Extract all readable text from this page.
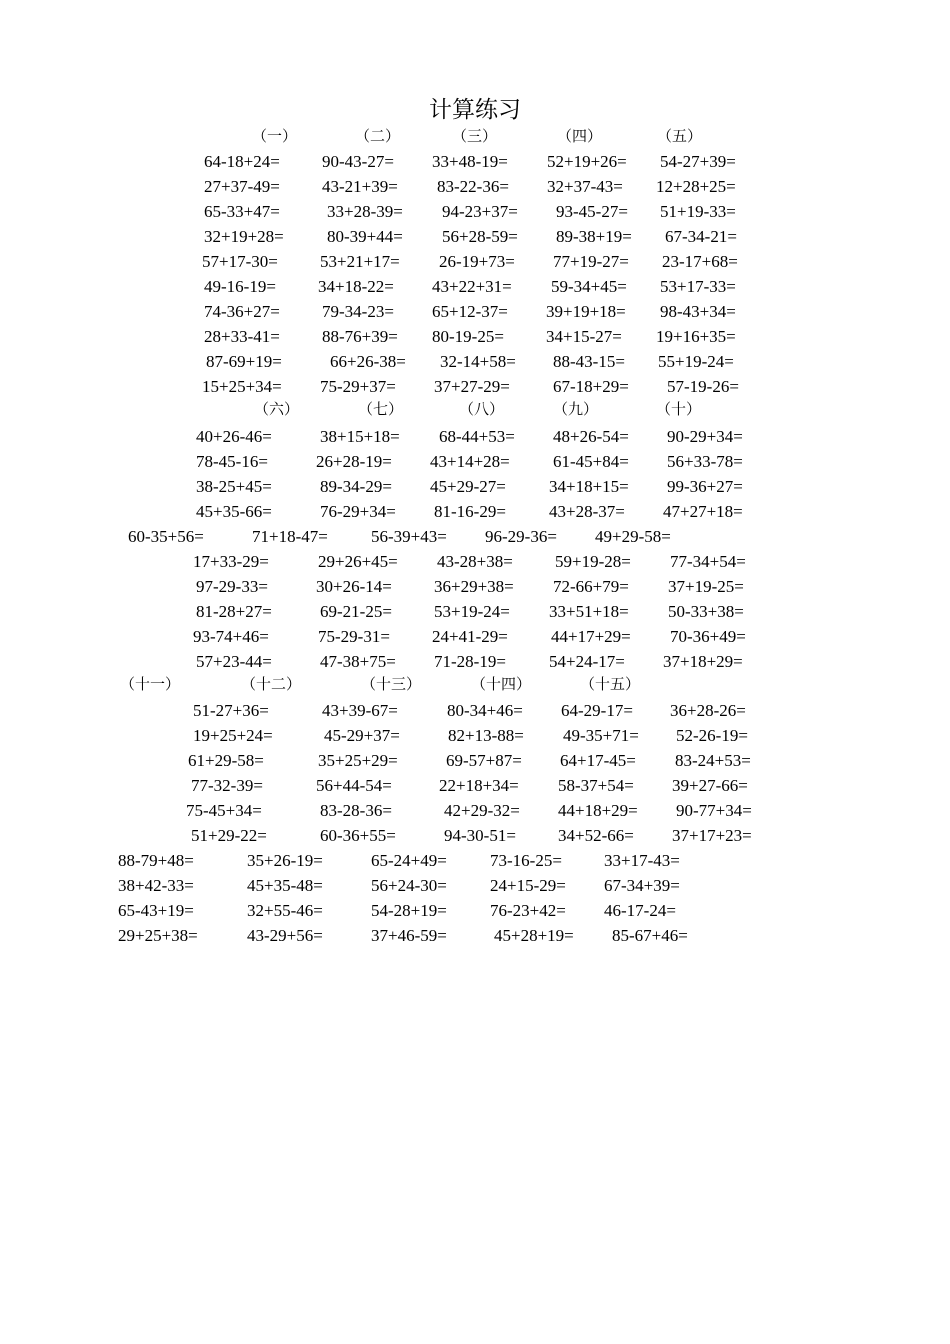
计算练习
（一）	（二）	（三）	（四）	（五）
64-18+24= 90-43-27= 33+48-19= 52+19+26= 54-27+39=
27+37-49= 43-21+39= 83-22-36= 32+37-43= 12+28+25=
65-33+47=	33+28-39= 94-23+37= 93-45-27= 51+19-33=
32+19+28=	80-39+44= 56+28-59= 89-38+19= 67-34-21=
57+17-30= 53+21+17= 26-19+73= 77+19-27= 23-17+68=
49-16-19= 34+18-22= 43+22+31= 59-34+45= 53+17-33=
74-36+27= 79-34-23= 65+12-37= 39+19+18= 98-43+34=
28+33-41= 88-76+39= 80-19-25= 34+15-27= 19+16+35=
87-69+19=	66+26-38= 32-14+58= 88-43-15= 55+19-24=
15+25+34= 75-29+37= 37+27-29=	67-18+29= 57-19-26=
（六）	（七）	（八）	（九）	（十）
40+26-46=	38+15+18= 68-44+53= 48+26-54= 90-29+34=
78-45-16=	26+28-19= 43+14+28=	61-45+84= 56+33-78=
38-25+45=	89-34-29= 45+29-27=	34+18+15= 99-36+27=
45+35-66=	76-29+34= 81-16-29=	43+28-37= 47+27+18=
60-35+56=	71+18-47=	56-39+43= 96-29-36= 49+29-58=
17+33-29=	29+26+45= 43-28+38= 59+19-28= 77-34+54=
97-29-33=	30+26-14= 36+29+38= 72-66+79= 37+19-25=
81-28+27=	69-21-25= 53+19-24= 33+51+18= 50-33+38=
93-74+46=	75-29-31= 24+41-29=	44+17+29= 70-36+49=
57+23-44=	47-38+75= 71-28-19=	54+24-17= 37+18+29=
（十一）	（十二）	（十三）	（十四）	（十五）
51-27+36=	43+39-67=	80-34+46= 64-29-17= 36+28-26=
19+25+24=	45-29+37=	82+13-88= 49-35+71= 52-26-19=
61+29-58=	35+25+29=	69-57+87= 64+17-45= 83-24+53=
77-32-39=	56+44-54=	22+18+34= 58-37+54= 39+27-66=
75-45+34=	83-28-36=	42+29-32= 44+18+29= 90-77+34=
51+29-22=	60-36+55=	94-30-51= 34+52-66= 37+17+23=
88-79+48=	35+26-19=	65-24+49=	73-16-25= 33+17-43=
38+42-33=	45+35-48=	56+24-30=	24+15-29= 67-34+39=
65-43+19=	32+55-46=	54-28+19=	76-23+42= 46-17-24=
29+25+38=	43-29+56=	37+46-59=	45+28+19= 85-67+46=
